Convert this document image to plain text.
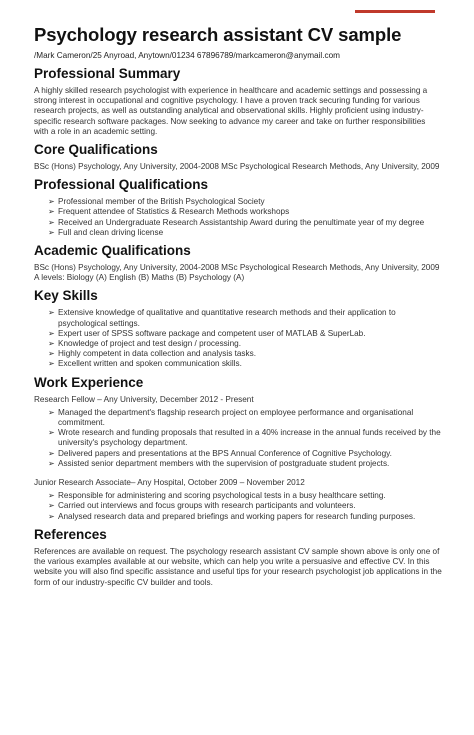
Psychology research assistant CV sample
/Mark Cameron/25 Anyroad, Anytown/01234 67896789/markcameron@anymail.com
Professional Summary

A highly skilled research psychologist with experience in healthcare and academic settings and possessing a strong interest in occupational and cognitive psychology. I have a proven track securing funding for various research projects, as well as outstanding analytical and observational skills. Highly proficient using industry-specific research software packages. Now seeking to advance my career and take on further responsibilities with a role in an academic setting.

Core Qualifications

BSc (Hons) Psychology, Any University, 2004-2008 MSc Psychological Research Methods, Any University, 2009

Professional Qualifications
➢ Professional member of the British Psychological Society
➢ Frequent attendee of Statistics & Research Methods workshops
➢ Received an Undergraduate Research Assistantship Award during the penultimate year of my degree
➢ Full and clean driving license
Academic Qualifications

BSc (Hons) Psychology, Any University, 2004-2008 MSc Psychological Research Methods, Any University, 2009 A levels: Biology (A) English (B) Maths (B) Psychology (A)

Key Skills
➢ Extensive knowledge of qualitative and quantitative research methods and their application to psychological settings.
➢ Expert user of SPSS software package and competent user of MATLAB & SuperLab.
➢ Knowledge of project and test design / processing.
➢ Highly competent in data collection and analysis tasks.
➢ Excellent written and spoken communication skills.
Work Experience
Research Fellow – Any University, December 2012 - Present
➢ Managed the department's flagship research project on employee performance and organisational commitment.
➢ Wrote research and funding proposals that resulted in a 40% increase in the annual funds received by the university's psychology department.
➢ Delivered papers and presentations at the BPS Annual Conference of Cognitive Psychology.
➢ Assisted senior department members with the supervision of postgraduate student projects.
Junior Research Associate– Any Hospital, October 2009 – November 2012
➢ Responsible for administering and scoring psychological tests in a busy healthcare setting.
➢ Carried out interviews and focus groups with research participants and volunteers.
➢ Analysed research data and prepared briefings and working papers for research funding purposes.
References

References are available on request. The psychology research assistant CV sample shown above is only one of the various examples available at our website, which can help you write a persuasive and effective CV. In this website you will also find specific assistance and useful tips for your research psychologist job applications in the form of our industry-specific CV builder and tools.
